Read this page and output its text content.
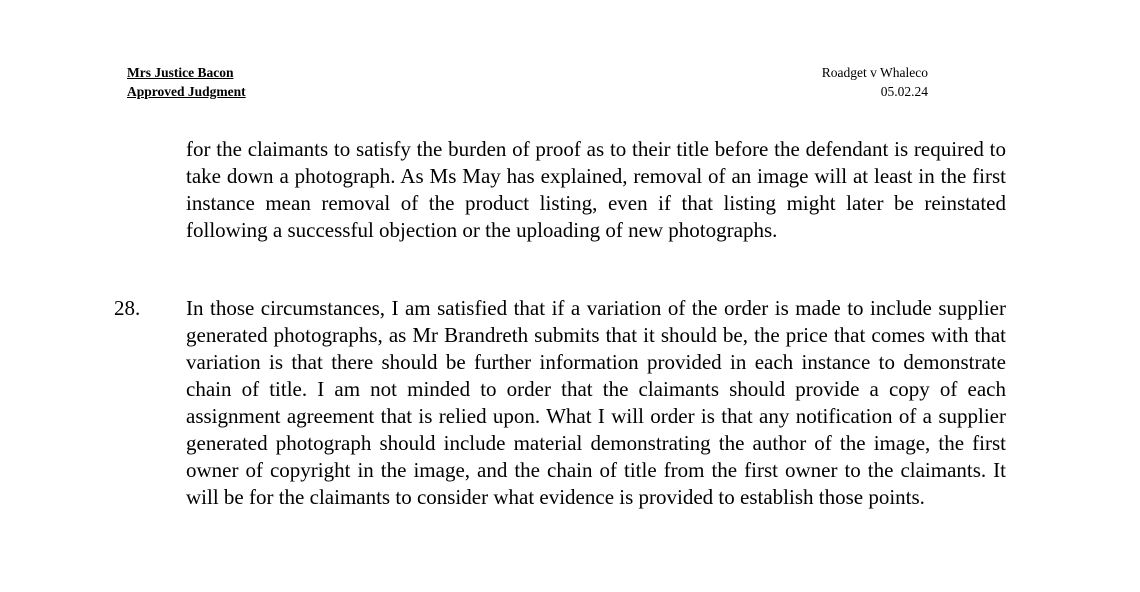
Mrs Justice Bacon
Approved Judgment
Roadget v Whaleco
05.02.24
for the claimants to satisfy the burden of proof as to their title before the defendant is required to take down a photograph. As Ms May has explained, removal of an image will at least in the first instance mean removal of the product listing, even if that listing might later be reinstated following a successful objection or the uploading of new photographs.
28. In those circumstances, I am satisfied that if a variation of the order is made to include supplier generated photographs, as Mr Brandreth submits that it should be, the price that comes with that variation is that there should be further information provided in each instance to demonstrate chain of title. I am not minded to order that the claimants should provide a copy of each assignment agreement that is relied upon. What I will order is that any notification of a supplier generated photograph should include material demonstrating the author of the image, the first owner of copyright in the image, and the chain of title from the first owner to the claimants. It will be for the claimants to consider what evidence is provided to establish those points.
